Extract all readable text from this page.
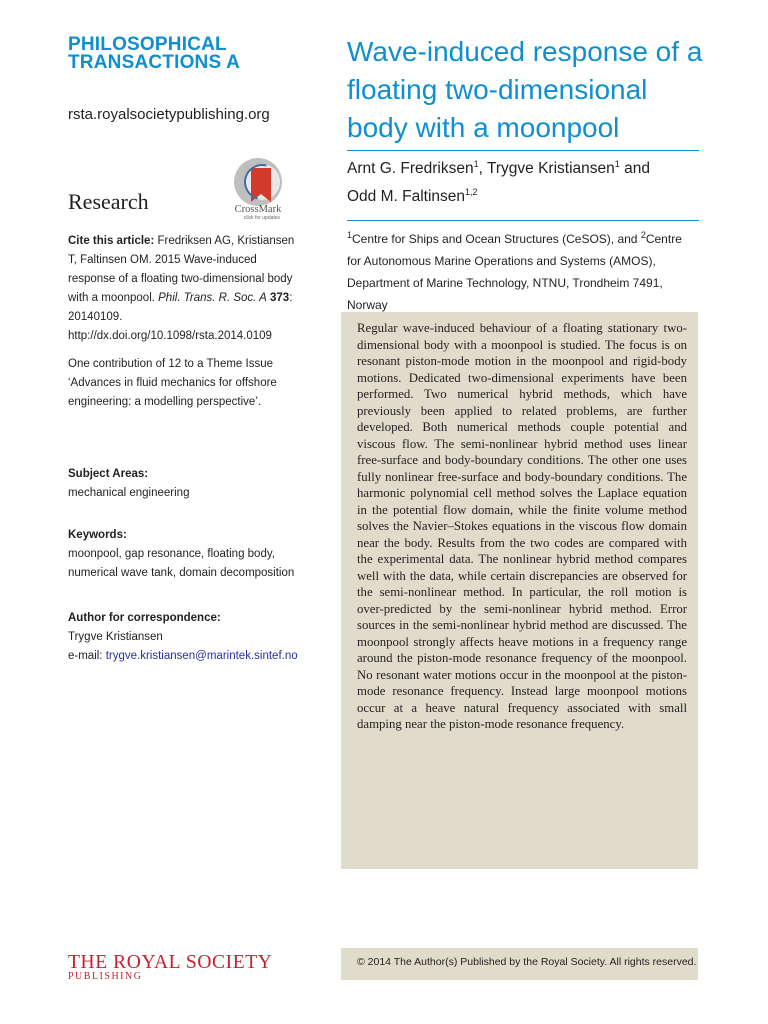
PHILOSOPHICAL
TRANSACTIONS A
rsta.royalsocietypublishing.org
Research	CrossMark
click for updates
Cite this article: Fredriksen AG, Kristiansen T, Faltinsen OM. 2015 Wave-induced response of a floating two-dimensional body with a moonpool. Phil. Trans. R. Soc. A 373: 20140109.
http://dx.doi.org/10.1098/rsta.2014.0109
One contribution of 12 to a Theme Issue ‘Advances in fluid mechanics for offshore engineering: a modelling perspective’.
Subject Areas:
mechanical engineering
Keywords:
moonpool, gap resonance, floating body, numerical wave tank, domain decomposition
Author for correspondence:
Trygve Kristiansen
e-mail: trygve.kristiansen@marintek.sintef.no
Wave-induced response of a floating two-dimensional body with a moonpool
Arnt G. Fredriksen$^1$, Trygve Kristiansen$^1$ and
Odd M. Faltinsen$^{1,2}$
$^1$Centre for Ships and Ocean Structures (CeSOS), and $^2$Centre for Autonomous Marine Operations and Systems (AMOS), Department of Marine Technology, NTNU, Trondheim 7491, Norway
Regular wave-induced behaviour of a floating stationary two-dimensional body with a moonpool is studied. The focus is on resonant piston-mode motion in the moonpool and rigid-body motions. Dedicated two-dimensional experiments have been performed. Two numerical hybrid methods, which have previously been applied to related problems, are further developed. Both numerical methods couple potential and viscous flow. The semi-nonlinear hybrid method uses linear free-surface and body-boundary conditions. The other one uses fully nonlinear free-surface and body-boundary conditions. The harmonic polynomial cell method solves the Laplace equation in the potential flow domain, while the finite volume method solves the Navier–Stokes equations in the viscous flow domain near the body. Results from the two codes are compared with the experimental data. The nonlinear hybrid method compares well with the data, while certain discrepancies are observed for the semi-nonlinear method. In particular, the roll motion is over-predicted by the semi-nonlinear hybrid method. Error sources in the semi-nonlinear hybrid method are discussed. The moonpool strongly affects heave motions in a frequency range around the piston-mode resonance frequency of the moonpool. No resonant water motions occur in the moonpool at the piston-mode resonance frequency. Instead large moonpool motions occur at a heave natural frequency associated with small damping near the piston-mode resonance frequency.
THE ROYAL SOCIETY
PUBLISHING
© 2014 The Author(s) Published by the Royal Society. All rights reserved.
